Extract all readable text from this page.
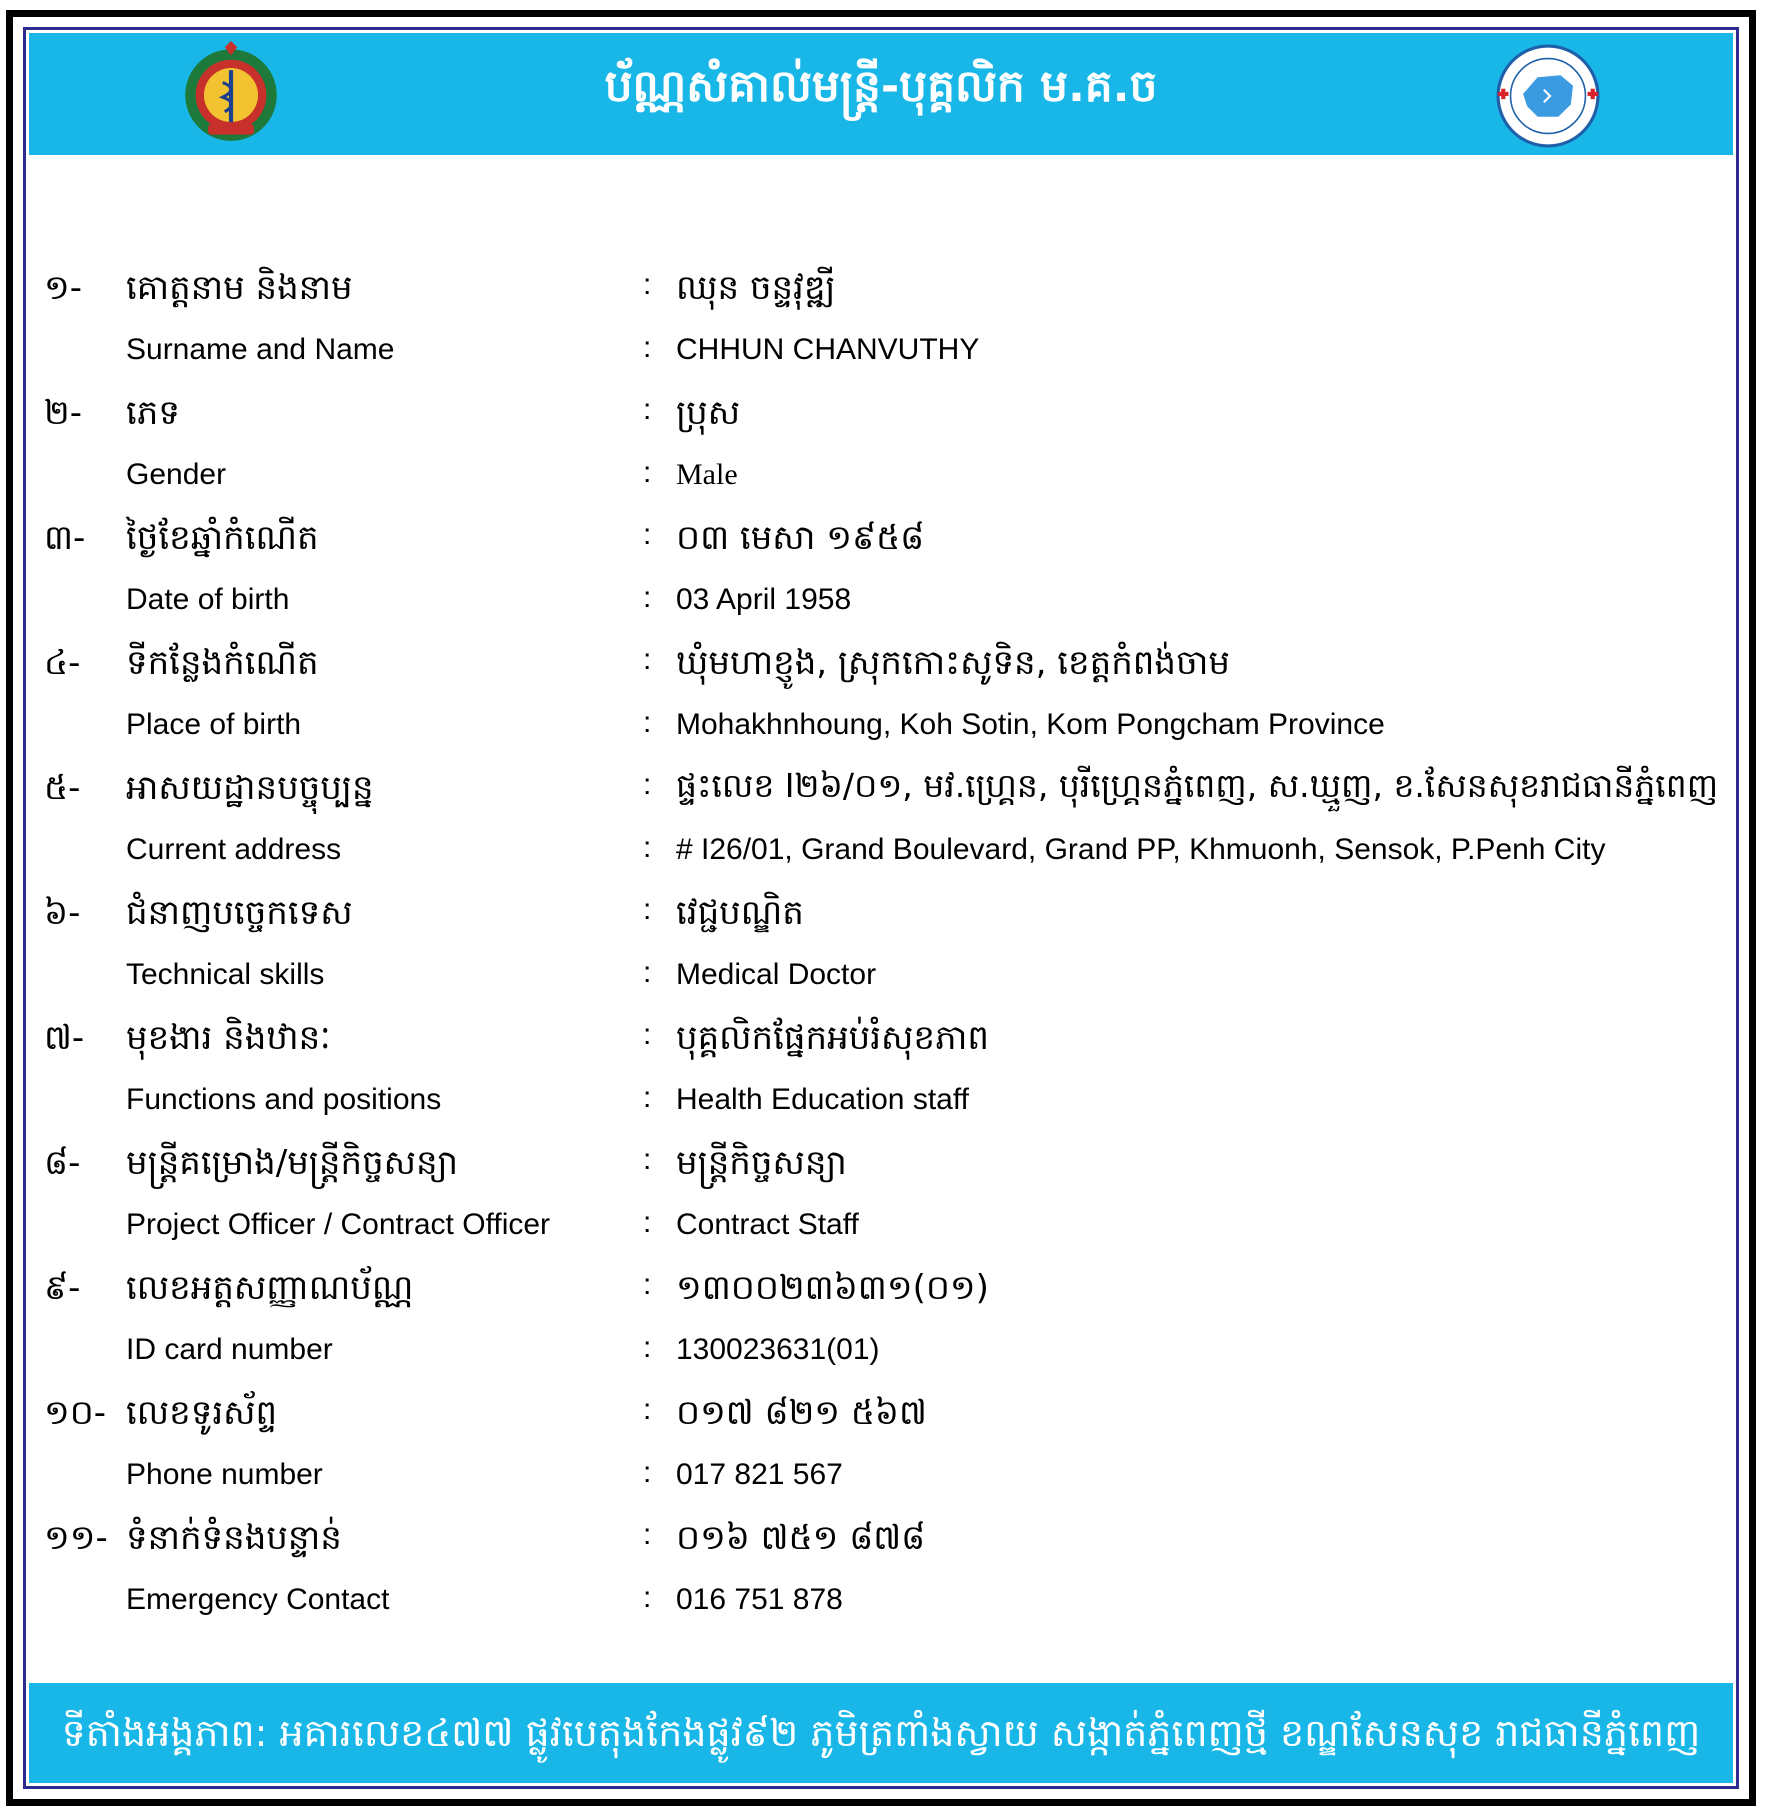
ប័ណ្ណសំគាល់មន្ត្រី-បុគ្គលិក ម.គ.ច
១- គោត្តនាម និងនាម	: ឈុន ចន្ទវុឌ្ឍី
Surname and Name	: CHHUN CHANVUTHY
២- ភេទ	: ប្រុស
Gender	: Male
៣- ថ្ងៃខែឆ្នាំកំណើត	: ០៣ មេសា ១៩៥៨
Date of birth	: 03 April 1958
៤- ទីកន្លែងកំណើត	: ឃុំមហាខ្ញូង, ស្រុកកោះសូទិន, ខេត្តកំពង់ចាម
Place of birth	: Mohakhnhoung, Koh Sotin, Kom Pongcham Province
៥- អាសយដ្ឋានបច្ចុប្បន្ន	: ផ្ទះលេខ I២៦/០១, មវ.ហ្គ្រេន, បុរីហ្គ្រេនភ្នំពេញ, ស.ឃ្មួញ, ខ.សែនសុខរាជធានីភ្នំពេញ
Current address	: # I26/01, Grand Boulevard, Grand PP, Khmuonh, Sensok, P.Penh City
៦- ជំនាញបច្ចេកទេស	: វេជ្ជបណ្ឌិត
Technical skills	: Medical Doctor
៧- មុខងារ និងឋានៈ	: បុគ្គលិកផ្នែកអប់រំសុខភាព
Functions and positions	: Health Education staff
៨- មន្ត្រីគម្រោង/មន្ត្រីកិច្ចសន្យា	: មន្ត្រីកិច្ចសន្យា
Project Officer / Contract Officer	: Contract Staff
៩- លេខអត្តសញ្ញាណប័ណ្ណ	: ១៣០០២៣៦៣១(០១)
ID card number	: 130023631(01)
១០- លេខទូរស័ព្ទ	: ០១៧ ៨២១ ៥៦៧
Phone number	: 017 821 567
១១- ទំនាក់ទំនងបន្ទាន់	: ០១៦ ៧៥១ ៨៧៨
Emergency Contact	: 016 751 878
ទីតាំងអង្គភាព: អគារលេខ៤៧៧ ផ្លូវបេតុងកែងផ្លូវ៩២ ភូមិត្រពាំងស្វាយ សង្កាត់ភ្នំពេញថ្មី ខណ្ឌសែនសុខ រាជធានីភ្នំពេញ
